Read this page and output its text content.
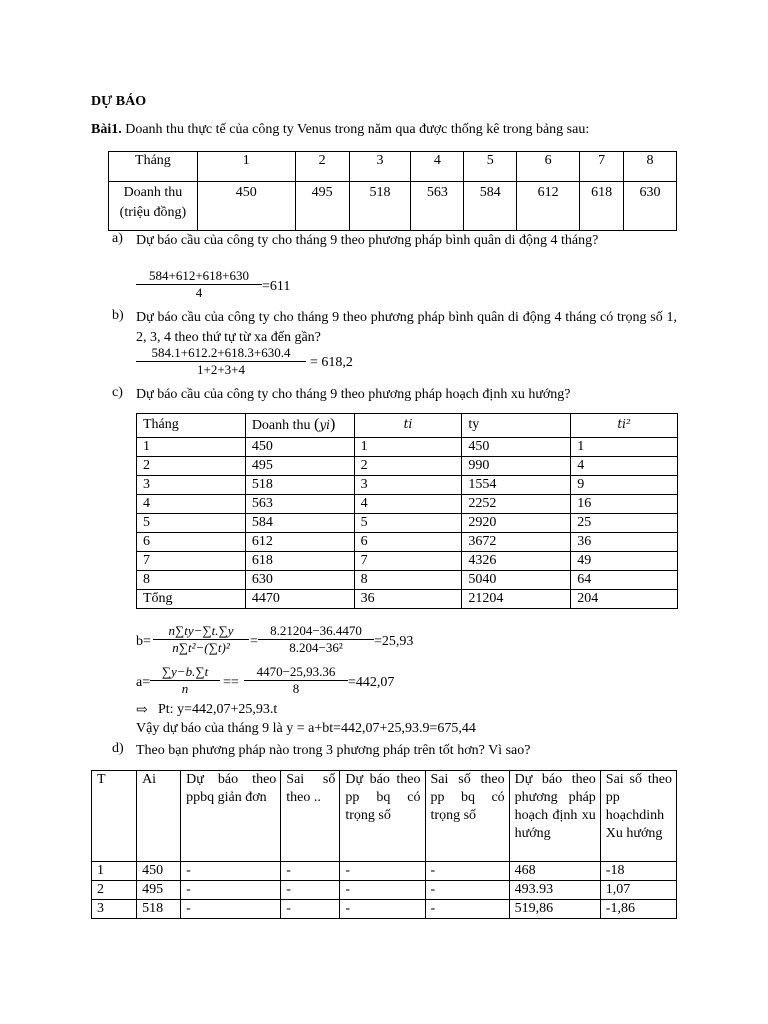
DỰ BÁO
Bài1. Doanh thu thực tế của công ty Venus trong năm qua được thống kê trong bảng sau:
Tháng	1	2	3	4	5	6	7	8
Doanh thu
(triệu đồng)	450	495	518	563	584	612	618	630
a) Dự báo cầu của công ty cho tháng 9 theo phương pháp bình quân di động 4 tháng?
$\frac{584+612+618+630}{4} =611$
b) Dự báo cầu của công ty cho tháng 9 theo phương pháp bình quân di động 4 tháng có trọng số 1, 2, 3, 4 theo thứ tự từ xa đến gần?
$\frac{584.1+612.2+618.3+630.4}{1+2+3+4} = 618,2$
c) Dự báo cầu của công ty cho tháng 9 theo phương pháp hoạch định xu hướng?
Tháng	Doanh thu (yi)	ti	ty	ti²
1	450	1	450	1
2	495	2	990	4
3	518	3	1554	9
4	563	4	2252	16
5	584	5	2920	25
6	612	6	3672	36
7	618	7	4326	49
8	630	8	5040	64
Tổng	4470	36	21204	204
$b= \frac{n\sum ty-\sum t.\sum y}{\text{n∑t²−(∑t)²}} = \frac{8.21204-36.4470}{\text{8.204−36²}} =25,93$
$a= \frac{\sum y-b.\sum t}{n} == \frac{4470-25,93.36}{8} =442,07$
⇨ Pt: y=442,07+25,93.t
Vậy dự báo của tháng 9 là y = a+bt=442,07+25,93.9=675,44
d) Theo bạn phương pháp nào trong 3 phương pháp trên tốt hơn? Vì sao?
T	Ai	Dự báo theo ppbq giản đơn	Sai số theo ..	Dự báo theo pp bq có trọng số	Sai số theo pp bq có trọng số	Dự báo theo phương pháp hoạch định xu hướng	Sai số theo pp hoạchdinh Xu hướng
1	450	-	-	-	-	468	-18
2	495	-	-	-	-	493.93	1,07
3	518	-	-	-	-	519,86	-1,86
